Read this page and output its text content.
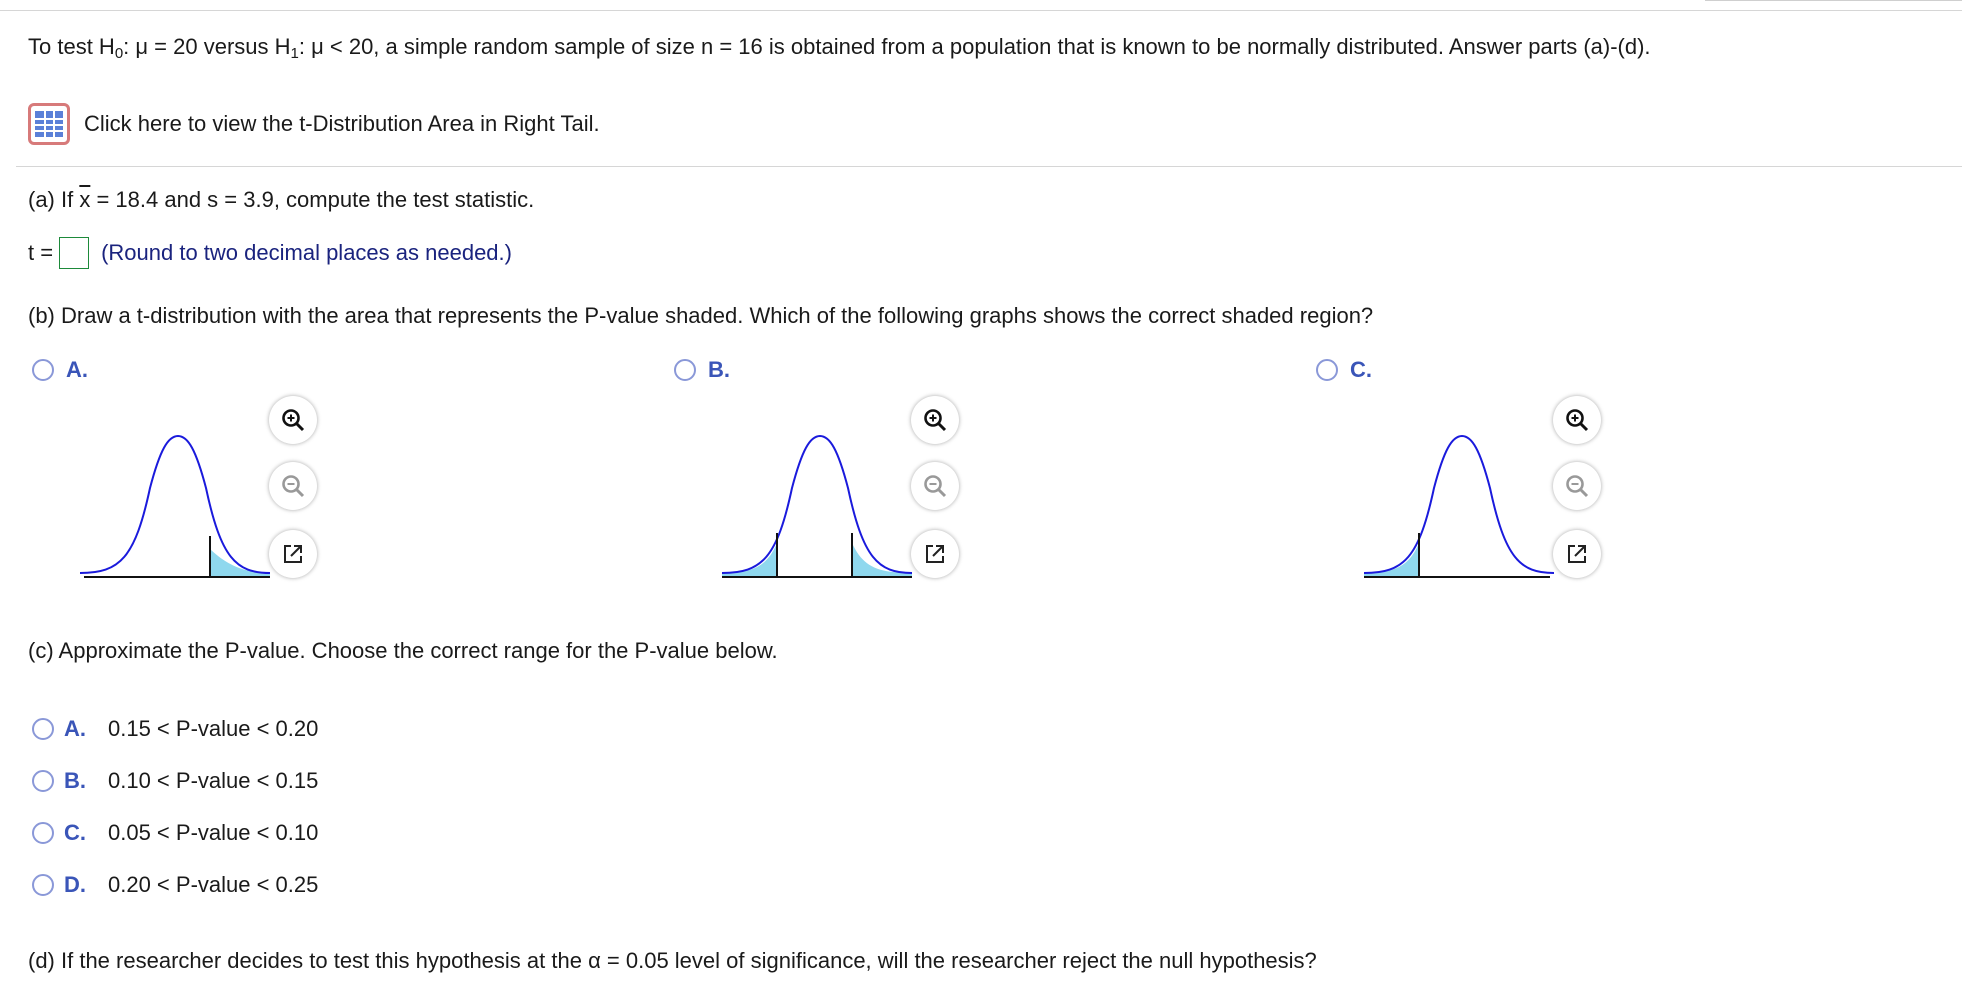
To test $H_0$: μ = 20 versus $H_1$: μ < 20, a simple random sample of size n = 16 is obtained from a population that is known to be normally distributed. Answer parts (a)-(d).
Click here to view the t-Distribution Area in Right Tail.
(a) If $\overline{x} = 18.4$ and s = 3.9, compute the test statistic.
t = (Round to two decimal places as needed.)
(b) Draw a t-distribution with the area that represents the P-value shaded. Which of the following graphs shows the correct shaded region?
A.	B.	C.
(c) Approximate the P-value. Choose the correct range for the P-value below.
A.	0.15 < P-value < 0.20
B.	0.10 < P-value < 0.15
C.	0.05 < P-value < 0.10
D.	0.20 < P-value < 0.25
(d) If the researcher decides to test this hypothesis at the α = 0.05 level of significance, will the researcher reject the null hypothesis?
